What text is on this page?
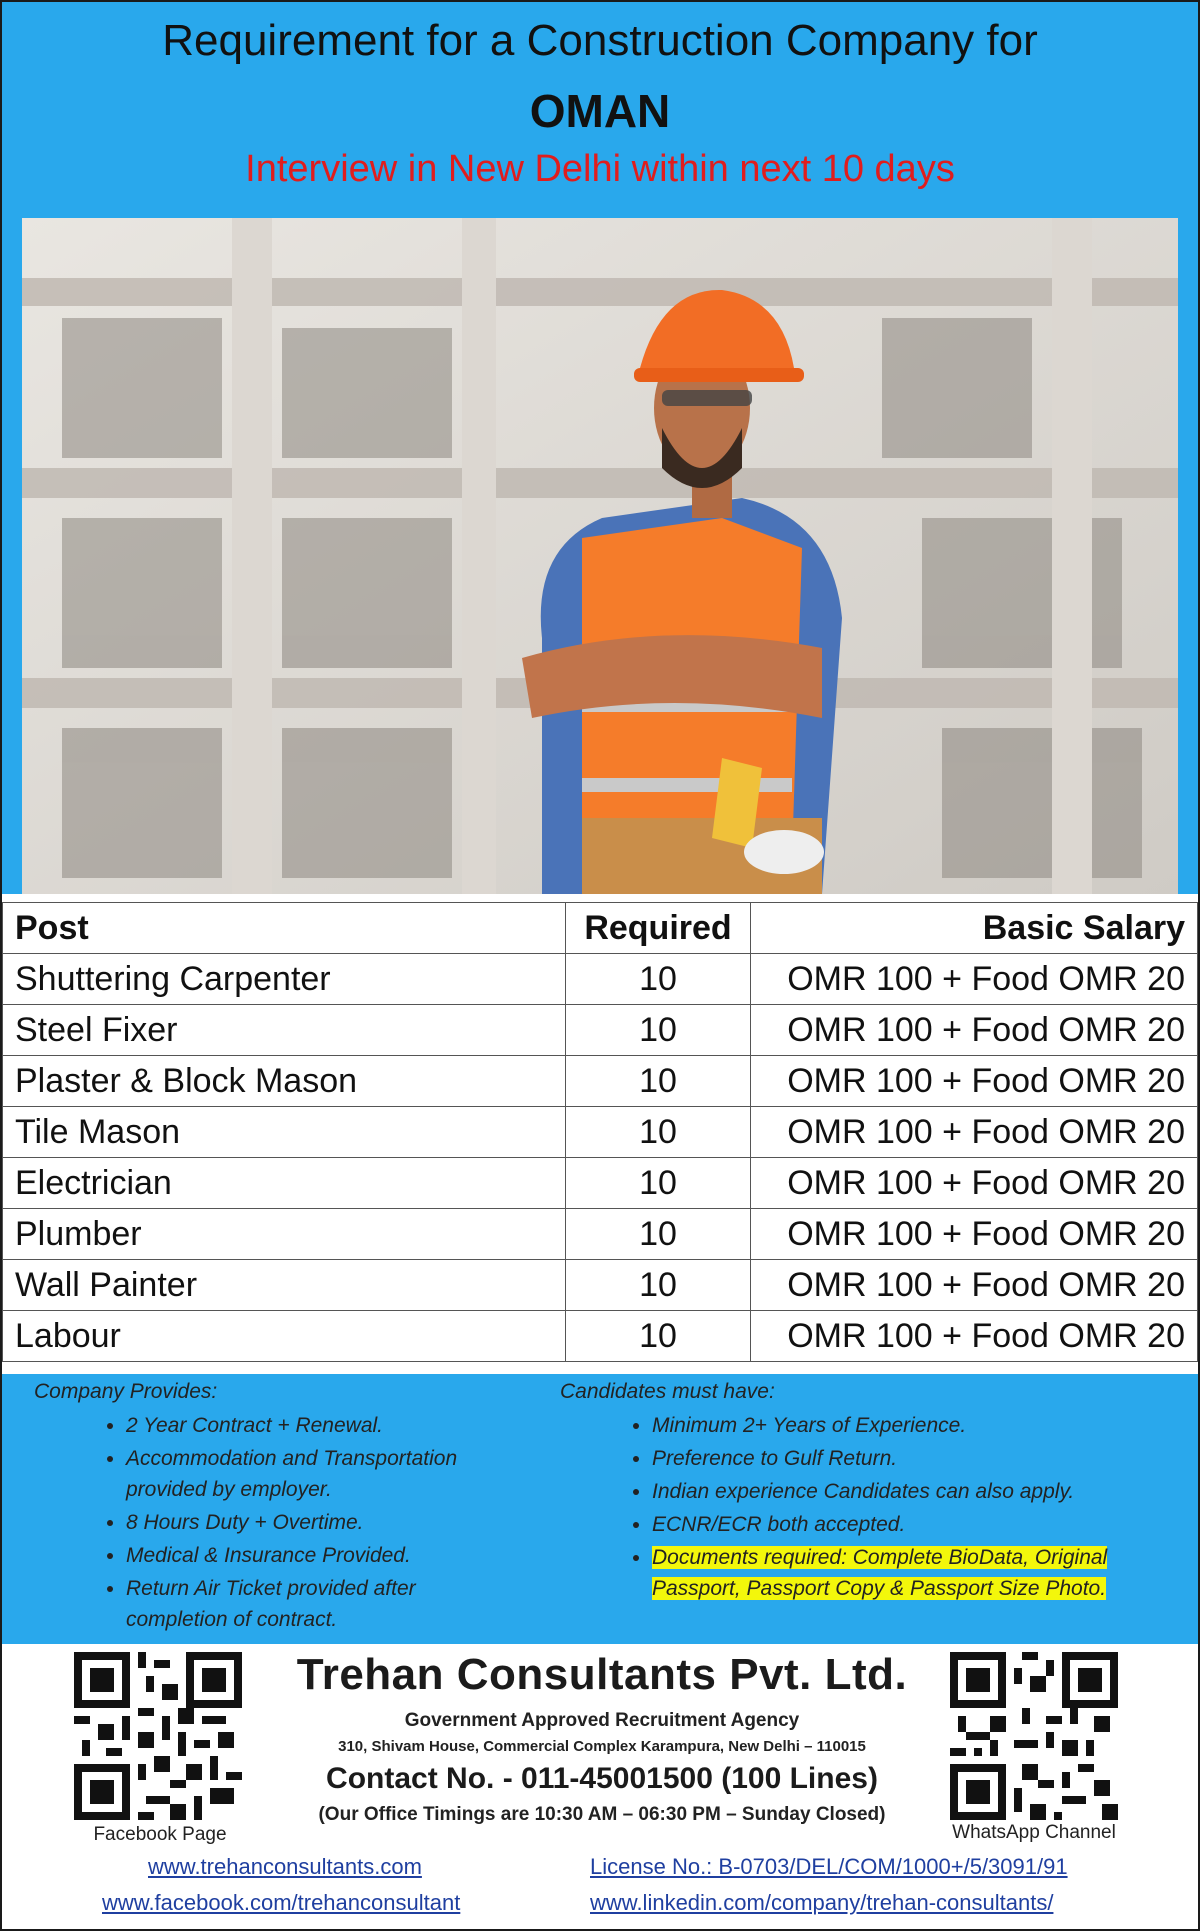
Requirement for a Construction Company for
OMAN
Interview in New Delhi within next 10 days
Post	Required	Basic Salary
Shuttering Carpenter	10	OMR 100 + Food OMR 20
Steel Fixer	10	OMR 100 + Food OMR 20
Plaster & Block Mason	10	OMR 100 + Food OMR 20
Tile Mason	10	OMR 100 + Food OMR 20
Electrician	10	OMR 100 + Food OMR 20
Plumber	10	OMR 100 + Food OMR 20
Wall Painter	10	OMR 100 + Food OMR 20
Labour	10	OMR 100 + Food OMR 20
Company Provides:
• 2 Year Contract + Renewal.
• Accommodation and Transportation provided by employer.
• 8 Hours Duty + Overtime.
• Medical & Insurance Provided.
• Return Air Ticket provided after completion of contract.
Candidates must have:
• Minimum 2+ Years of Experience.
• Preference to Gulf Return.
• Indian experience Candidates can also apply.
• ECNR/ECR both accepted.
• Documents required: Complete BioData, Original Passport, Passport Copy & Passport Size Photo.
Facebook Page
Trehan Consultants Pvt. Ltd.
Government Approved Recruitment Agency
310, Shivam House, Commercial Complex Karampura, New Delhi – 110015
Contact No. - 011-45001500 (100 Lines)
(Our Office Timings are 10:30 AM – 06:30 PM – Sunday Closed)
WhatsApp Channel
www.trehanconsultants.com	License No.: B-0703/DEL/COM/1000+/5/3091/91
www.facebook.com/trehanconsultant	www.linkedin.com/company/trehan-consultants/
